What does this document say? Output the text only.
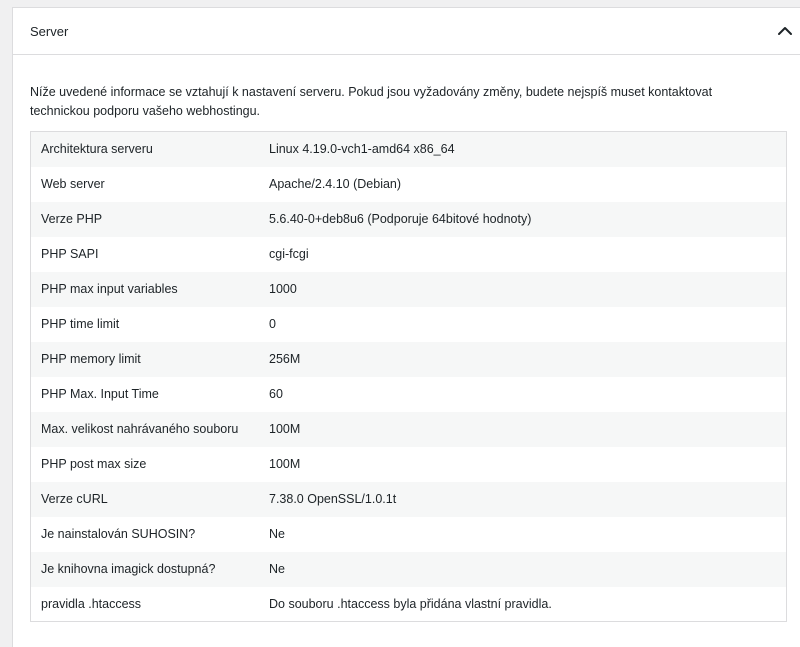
Server

Níže uvedené informace se vztahují k nastavení serveru. Pokud jsou vyžadovány změny, budete nejspíš muset kontaktovat technickou podporu vašeho webhostingu.

Architektura serveru	Linux 4.19.0-vch1-amd64 x86_64
Web server	Apache/2.4.10 (Debian)
Verze PHP	5.6.40-0+deb8u6 (Podporuje 64bitové hodnoty)
PHP SAPI	cgi-fcgi
PHP max input variables	1000
PHP time limit	0
PHP memory limit	256M
PHP Max. Input Time	60
Max. velikost nahrávaného souboru	100M
PHP post max size	100M
Verze cURL	7.38.0 OpenSSL/1.0.1t
Je nainstalován SUHOSIN?	Ne
Je knihovna imagick dostupná?	Ne
pravidla .htaccess	Do souboru .htaccess byla přidána vlastní pravidla.
